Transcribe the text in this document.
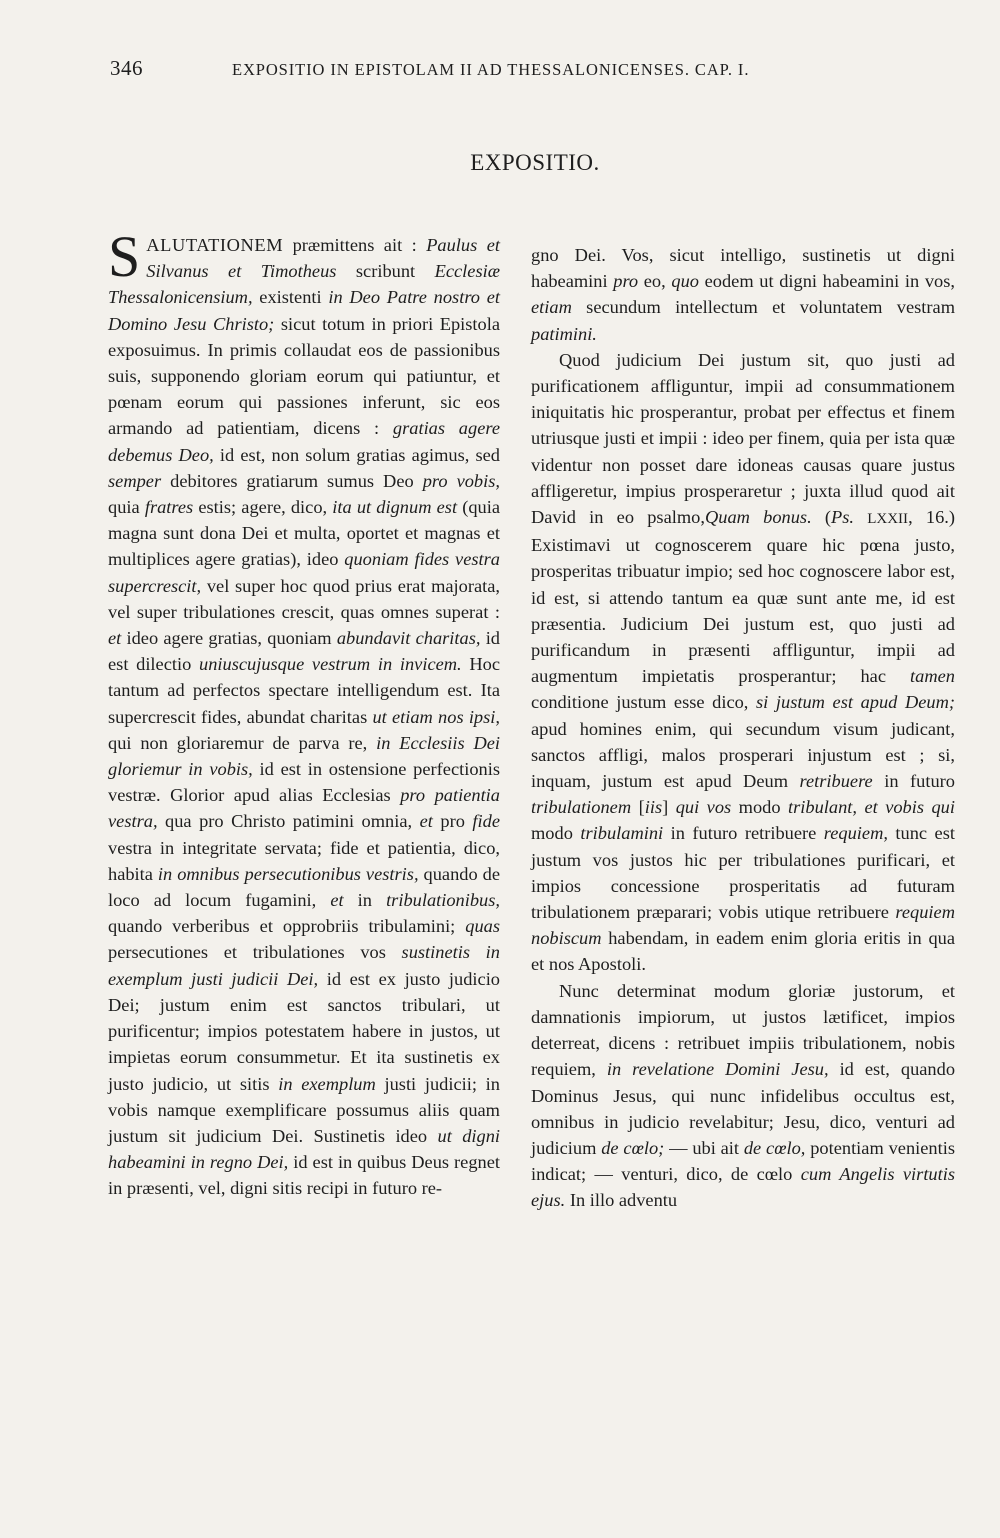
346	EXPOSITIO IN EPISTOLAM II AD THESSALONICENSES. CAP. I.
EXPOSITIO.

SALUTATIONEM præmittens ait : Paulus et Silvanus et Timotheus scribunt Ecclesiæ Thessalonicensium, existenti in Deo Patre nostro et Domino Jesu Christo; sicut totum in priori Epistola exposuimus. In primis collaudat eos de passionibus suis, supponendo gloriam eorum qui patiuntur, et pœnam eorum qui passiones inferunt, sic eos armando ad patientiam, dicens : gratias agere debemus Deo, id est, non solum gratias agimus, sed semper debitores gratiarum sumus Deo pro vobis, quia fratres estis; agere, dico, ita ut dignum est (quia magna sunt dona Dei et multa, oportet et magnas et multiplices agere gratias), ideo quoniam fides vestra supercrescit, vel super hoc quod prius erat majorata, vel super tribulationes crescit, quas omnes superat : et ideo agere gratias, quoniam abundavit charitas, id est dilectio uniuscujusque vestrum in invicem. Hoc tantum ad perfectos spectare intelligendum est. Ita supercrescit fides, abundat charitas ut etiam nos ipsi, qui non gloriaremur de parva re, in Ecclesiis Dei gloriemur in vobis, id est in ostensione perfectionis vestræ. Glorior apud alias Ecclesias pro patientia vestra, qua pro Christo patimini omnia, et pro fide vestra in integritate servata; fide et patientia, dico, habita in omnibus persecutionibus vestris, quando de loco ad locum fugamini, et in tribulationibus, quando verberibus et opprobriis tribulamini; quas persecutiones et tribulationes vos sustinetis in exemplum justi judicii Dei, id est ex justo judicio Dei; justum enim est sanctos tribulari, ut purificentur; impios potestatem habere in justos, ut impietas eorum consummetur. Et ita sustinetis ex justo judicio, ut sitis in exemplum justi judicii; in vobis namque exemplificare possumus aliis quam justum sit judicium Dei. Sustinetis ideo ut digni habeamini in regno Dei, id est in quibus Deus regnet in præsenti, vel, digni sitis recipi in futuro re-

gno Dei. Vos, sicut intelligo, sustinetis ut digni habeamini pro eo, quo eodem ut digni habeamini in vos, etiam secundum intellectum et voluntatem vestram patimini.

Quod judicium Dei justum sit, quo justi ad purificationem affliguntur, impii ad consummationem iniquitatis hic prosperantur, probat per effectus et finem utriusque justi et impii : ideo per finem, quia per ista quæ videntur non posset dare idoneas causas quare justus affligeretur, impius prosperaretur ; juxta illud quod ait David in eo psalmo,Quam bonus. (Ps. LXXII, 16.) Existimavi ut cognoscerem quare hic pœna justo, prosperitas tribuatur impio; sed hoc cognoscere labor est, id est, si attendo tantum ea quæ sunt ante me, id est præsentia. Judicium Dei justum est, quo justi ad purificandum in præsenti affliguntur, impii ad augmentum impietatis prosperantur; hac tamen conditione justum esse dico, si justum est apud Deum; apud homines enim, qui secundum visum judicant, sanctos affligi, malos prosperari injustum est ; si, inquam, justum est apud Deum retribuere in futuro tribulationem [iis] qui vos modo tribulant, et vobis qui modo tribulamini in futuro retribuere requiem, tunc est justum vos justos hic per tribulationes purificari, et impios concessione prosperitatis ad futuram tribulationem præparari; vobis utique retribuere requiem nobiscum habendam, in eadem enim gloria eritis in qua et nos Apostoli.

Nunc determinat modum gloriæ justorum, et damnationis impiorum, ut justos lætificet, impios deterreat, dicens : retribuet impiis tribulationem, nobis requiem, in revelatione Domini Jesu, id est, quando Dominus Jesus, qui nunc infidelibus occultus est, omnibus in judicio revelabitur; Jesu, dico, venturi ad judicium de cœlo; — ubi ait de cœlo, potentiam venientis indicat; — venturi, dico, de cœlo cum Angelis virtutis ejus. In illo adventu
